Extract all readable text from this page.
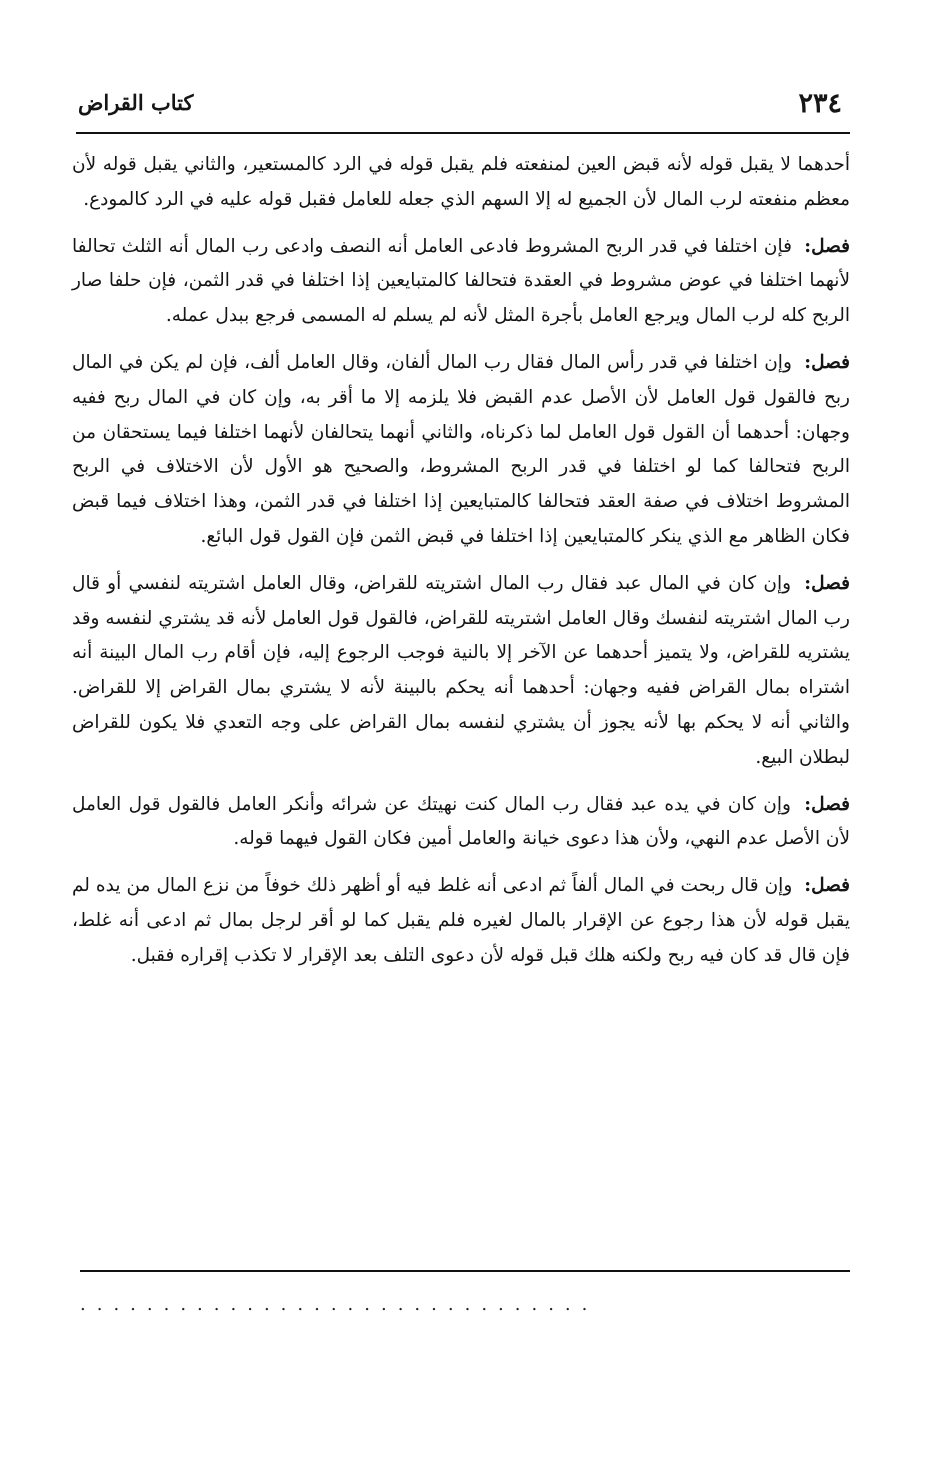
٢٣٤
كتاب القراض

أحدهما لا يقبل قوله لأنه قبض العين لمنفعته فلم يقبل قوله في الرد كالمستعير، والثاني يقبل قوله لأن معظم منفعته لرب المال لأن الجميع له إلا السهم الذي جعله للعامل فقبل قوله عليه في الرد كالمودع.

فصل: فإن اختلفا في قدر الربح المشروط فادعى العامل أنه النصف وادعى رب المال أنه الثلث تحالفا لأنهما اختلفا في عوض مشروط في العقدة فتحالفا كالمتبايعين إذا اختلفا في قدر الثمن، فإن حلفا صار الربح كله لرب المال ويرجع العامل بأجرة المثل لأنه لم يسلم له المسمى فرجع ببدل عمله.

فصل: وإن اختلفا في قدر رأس المال فقال رب المال ألفان، وقال العامل ألف، فإن لم يكن في المال ربح فالقول قول العامل لأن الأصل عدم القبض فلا يلزمه إلا ما أقر به، وإن كان في المال ربح ففيه وجهان: أحدهما أن القول قول العامل لما ذكرناه، والثاني أنهما يتحالفان لأنهما اختلفا فيما يستحقان من الربح فتحالفا كما لو اختلفا في قدر الربح المشروط، والصحيح هو الأول لأن الاختلاف في الربح المشروط اختلاف في صفة العقد فتحالفا كالمتبايعين إذا اختلفا في قدر الثمن، وهذا اختلاف فيما قبض فكان الظاهر مع الذي ينكر كالمتبايعين إذا اختلفا في قبض الثمن فإن القول قول البائع.

فصل: وإن كان في المال عبد فقال رب المال اشتريته للقراض، وقال العامل اشتريته لنفسي أو قال رب المال اشتريته لنفسك وقال العامل اشتريته للقراض، فالقول قول العامل لأنه قد يشتري لنفسه وقد يشتريه للقراض، ولا يتميز أحدهما عن الآخر إلا بالنية فوجب الرجوع إليه، فإن أقام رب المال البينة أنه اشتراه بمال القراض ففيه وجهان: أحدهما أنه يحكم بالبينة لأنه لا يشتري بمال القراض إلا للقراض. والثاني أنه لا يحكم بها لأنه يجوز أن يشتري لنفسه بمال القراض على وجه التعدي فلا يكون للقراض لبطلان البيع.

فصل: وإن كان في يده عبد فقال رب المال كنت نهيتك عن شرائه وأنكر العامل فالقول قول العامل لأن الأصل عدم النهي، ولأن هذا دعوى خيانة والعامل أمين فكان القول فيهما قوله.

فصل: وإن قال ربحت في المال ألفاً ثم ادعى أنه غلط فيه أو أظهر ذلك خوفاً من نزع المال من يده لم يقبل قوله لأن هذا رجوع عن الإقرار بالمال لغيره فلم يقبل كما لو أقر لرجل بمال ثم ادعى أنه غلط، فإن قال قد كان فيه ربح ولكنه هلك قبل قوله لأن دعوى التلف بعد الإقرار لا تكذب إقراره فقبل.

...............................
